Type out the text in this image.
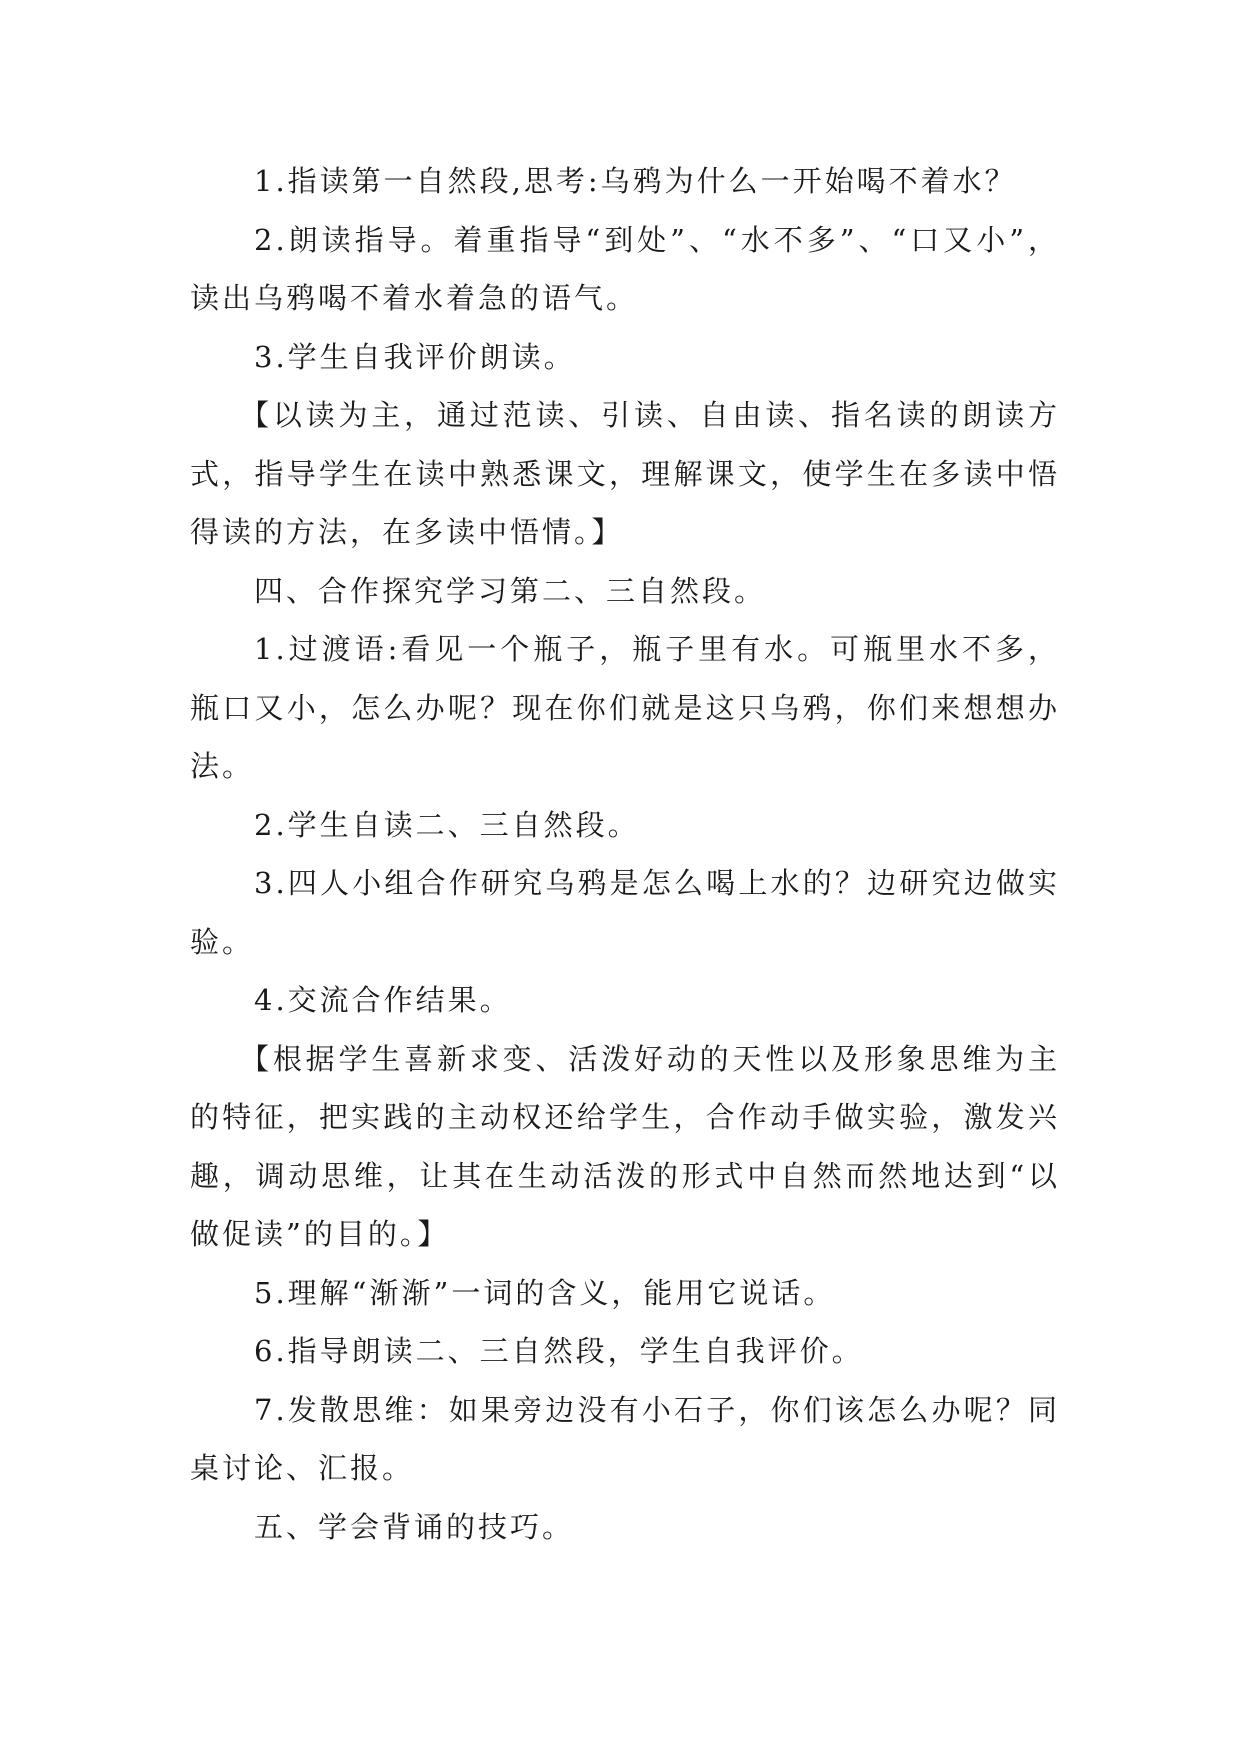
1.指读第一自然段,思考:乌鸦为什么一开始喝不着水？

2.朗读指导。着重指导“到处”、“水不多”、“口又小”，读出乌鸦喝不着水着急的语气。

3.学生自我评价朗读。

【以读为主，通过范读、引读、自由读、指名读的朗读方式，指导学生在读中熟悉课文，理解课文，使学生在多读中悟得读的方法，在多读中悟情。】

四、合作探究学习第二、三自然段。

1.过渡语:看见一个瓶子，瓶子里有水。可瓶里水不多，瓶口又小，怎么办呢？现在你们就是这只乌鸦，你们来想想办法。

2.学生自读二、三自然段。

3.四人小组合作研究乌鸦是怎么喝上水的？边研究边做实验。

4.交流合作结果。

【根据学生喜新求变、活泼好动的天性以及形象思维为主的特征，把实践的主动权还给学生，合作动手做实验，激发兴趣，调动思维，让其在生动活泼的形式中自然而然地达到“以做促读”的目的。】

5.理解“渐渐”一词的含义，能用它说话。

6.指导朗读二、三自然段，学生自我评价。

7.发散思维：如果旁边没有小石子，你们该怎么办呢？同桌讨论、汇报。

五、学会背诵的技巧。
